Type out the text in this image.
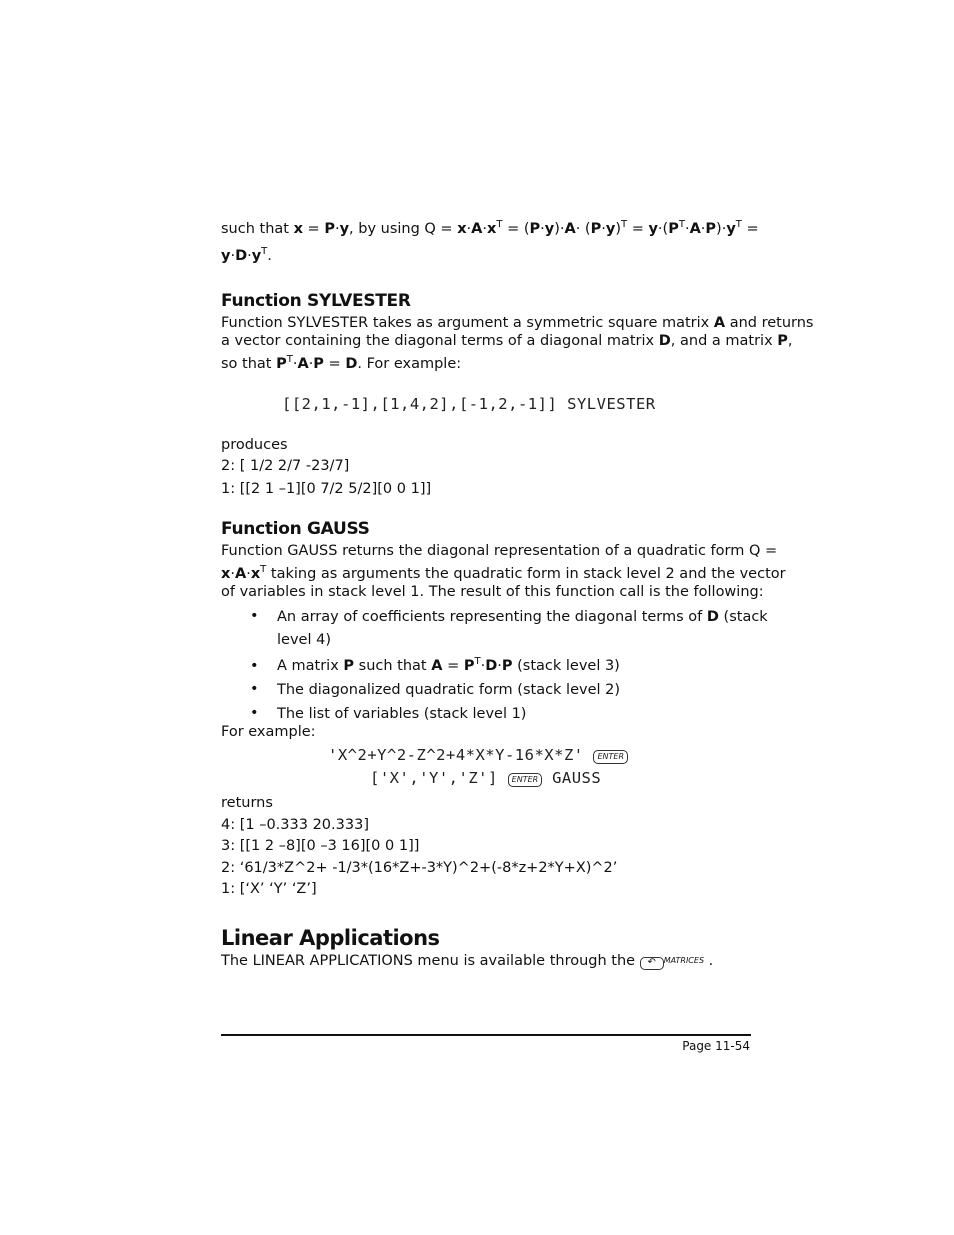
such that x = P·y, by using $Q = x\cdot A\cdot x^T = (P\cdot y)\cdot A\cdot (P\cdot y)^T = y\cdot(P^T\cdot A\cdot P)\cdot y^T$ =
$y\cdot D\cdot y^T$.
Function SYLVESTER
Function SYLVESTER takes as argument a symmetric square matrix A and returns
a vector containing the diagonal terms of a diagonal matrix D, and a matrix P,
so that $P^T\cdot A\cdot P = D$. For example:
[[2,1,-1],[1,4,2],[-1,2,-1]] SYLVESTER
produces
2: [ 1/2 2/7 -23/7]
1: [[2 1 –1][0 7/2 5/2][0 0 1]]
Function GAUSS
Function GAUSS returns the diagonal representation of a quadratic form Q =
$x\cdot A\cdot x^T$ taking as arguments the quadratic form in stack level 2 and the vector
of variables in stack level 1. The result of this function call is the following:
• An array of coefficients representing the diagonal terms of D (stack
level 4)
• A matrix P such that $A = P^T\cdot D\cdot P$ (stack level 3)
• The diagonalized quadratic form (stack level 2)
• The list of variables (stack level 1)
For example:
'X^2+Y^2-Z^2+4*X*Y-16*X*Z' ENTER
['X','Y','Z'] ENTER GAUSS
returns
4: [1 –0.333 20.333]
3: [[1 2 –8][0 –3 16][0 0 1]]
2: ‘61/3*Z^2+ -1/3*(16*Z+-3*Y)^2+(-8*z+2*Y+X)^2’
1: [‘X’ ‘Y’ ‘Z’]
Linear Applications
The LINEAR APPLICATIONS menu is available through the ↶ MATRICES .
Page 11-54
